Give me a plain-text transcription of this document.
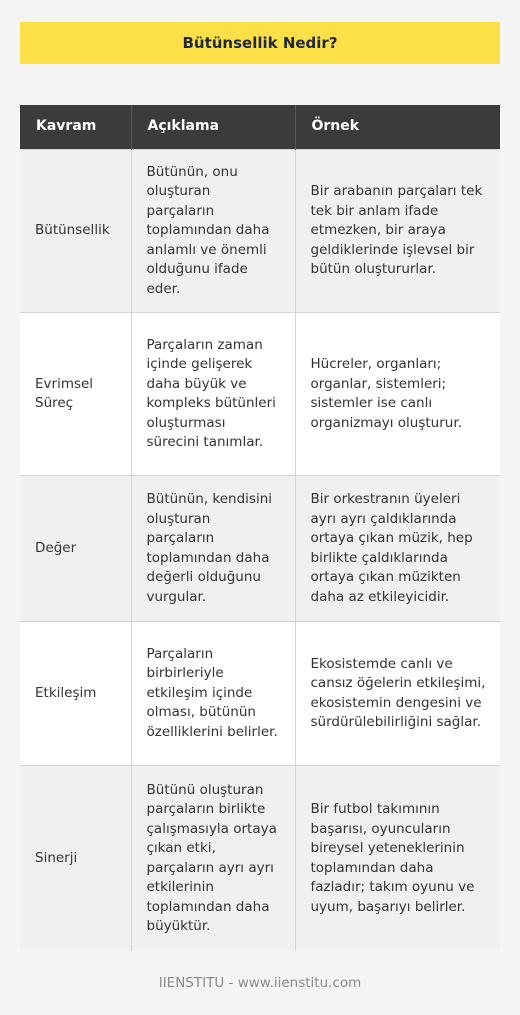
Bütünsellik Nedir?
Kavram	Açıklama	Örnek
Bütünsellik	Bütünün, onu oluşturan parçaların toplamından daha anlamlı ve önemli olduğunu ifade eder.	Bir arabanın parçaları tek tek bir anlam ifade etmezken, bir araya geldiklerinde işlevsel bir bütün oluştururlar.
Evrimsel Süreç	Parçaların zaman içinde gelişerek daha büyük ve kompleks bütünleri oluşturması sürecini tanımlar.	Hücreler, organları; organlar, sistemleri; sistemler ise canlı organizmayı oluşturur.
Değer	Bütünün, kendisini oluşturan parçaların toplamından daha değerli olduğunu vurgular.	Bir orkestranın üyeleri ayrı ayrı çaldıklarında ortaya çıkan müzik, hep birlikte çaldıklarında ortaya çıkan müzikten daha az etkileyicidir.
Etkileşim	Parçaların birbirleriyle etkileşim içinde olması, bütünün özelliklerini belirler.	Ekosistemde canlı ve cansız öğelerin etkileşimi, ekosistemin dengesini ve sürdürülebilirliğini sağlar.
Sinerji	Bütünü oluşturan parçaların birlikte çalışmasıyla ortaya çıkan etki, parçaların ayrı ayrı etkilerinin toplamından daha büyüktür.	Bir futbol takımının başarısı, oyuncuların bireysel yeteneklerinin toplamından daha fazladır; takım oyunu ve uyum, başarıyı belirler.
IIENSTITU - www.iienstitu.com
